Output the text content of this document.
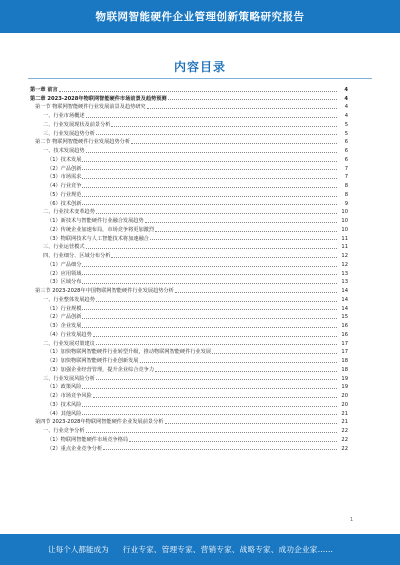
物联网智能硬件企业管理创新策略研究报告
内容目录
第一章 前言	4
第二章 2023-2028年物联网智能硬件市场前景及趋势预测	4
第一节 物联网智能硬件行业发展前景及趋势研究	4
一、行业市场概述	4
二、行业发展现状及前景分析	5
三、行业发展趋势分析	5
第二节 物联网智能硬件行业发展趋势分析	6
一、技术发展趋势	6
（1）技术发展	6
（2）产品创新	7
（3）市场需求	7
（4）行业竞争	8
（5）行业规范	8
（6）技术创新	9
二、行业技术变革趋势	10
（1）新技术与智能硬件行业融合发展趋势	10
（2）传统企业加速布局，市场竞争将更加激烈	10
（3）物联网技术与人工智能技术将加速融合	11
三、行业运营模式	11
四、行业细分、区域分布分析	12
（1）产品细分	12
（2）应用领域	13
（3）区域分布	13
第三节 2023-2028年中国物联网智能硬件行业发展趋势分析	14
一、行业整体发展趋势	14
（1）行业规模	14
（2）产品创新	15
（3）企业发展	16
（4）行业发展趋势	16
二、行业发展对策建议	17
（1）加快物联网智能硬件行业转型升级，推动物联网智能硬件行业发展	17
（2）加快物联网智能硬件行业创新发展	18
（3）加强企业经营管理，提升企业综合竞争力	18
三、行业发展风险分析	19
（1）政策风险	19
（2）市场竞争风险	20
（3）技术风险	20
（4）其他风险	21
第四节 2023-2028年物联网智能硬件企业发展前景分析	21
一、行业竞争分析	22
（1）物联网智能硬件市场竞争格局	22
（2）重点企业竞争分析	22
1
让每个人都能成为 行业专家、管理专家、营销专家、战略专家、成功企业家……
